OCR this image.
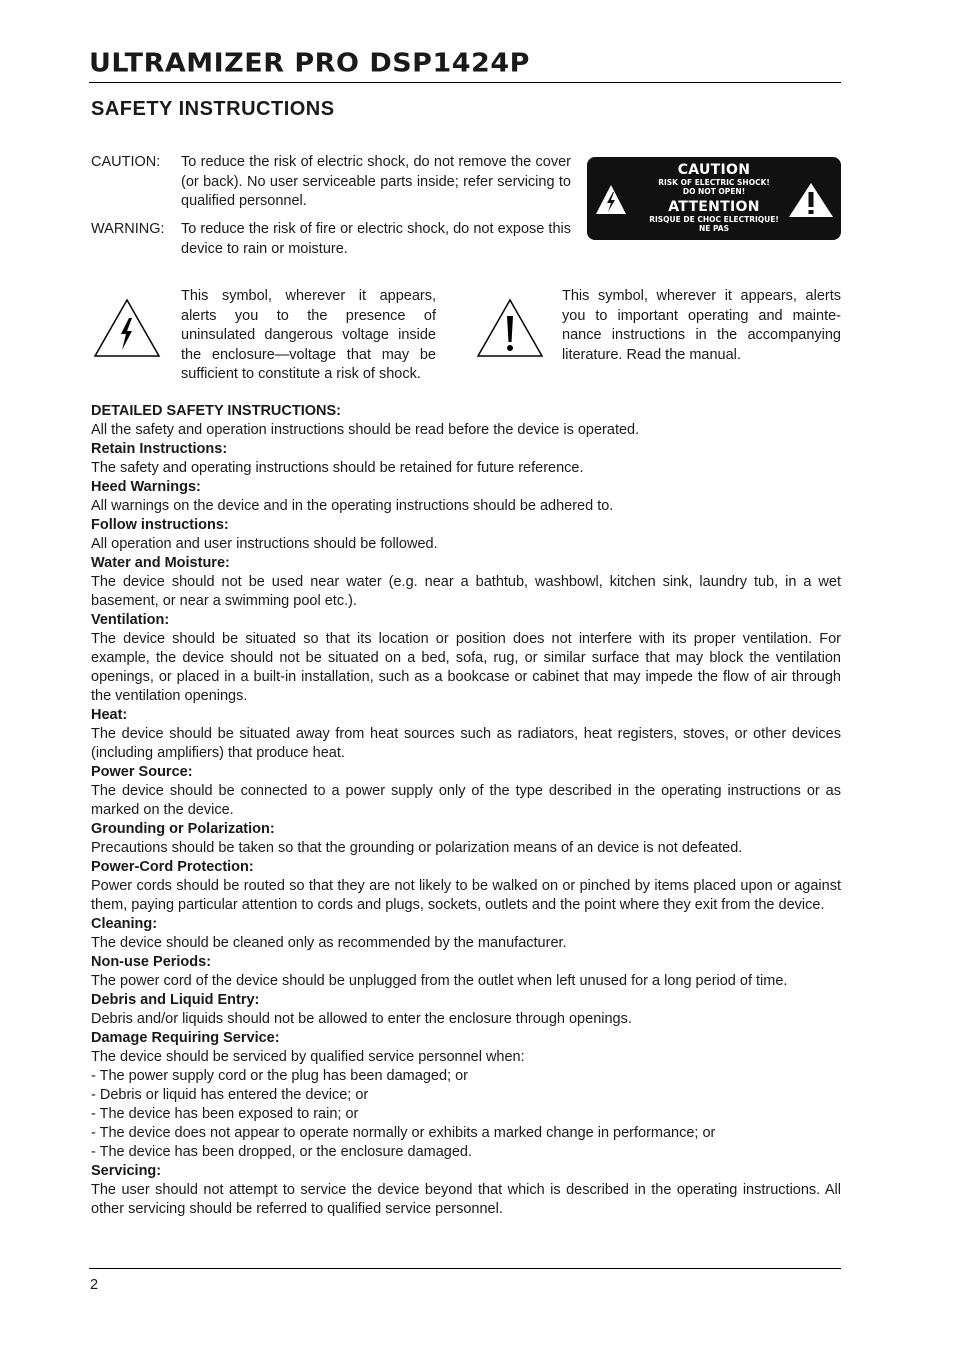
ULTRAMIZER PRO DSP1424P
SAFETY INSTRUCTIONS
CAUTION: To reduce the risk of electric shock, do not remove the cover (or back). No user serviceable parts inside; refer servicing to qualified personnel.
WARNING: To reduce the risk of fire or electric shock, do not expose this device to rain or moisture.
CAUTION
RISK OF ELECTRIC SHOCK!
DO NOT OPEN!
ATTENTION
RISQUE DE CHOC ELECTRIQUE!
NE PAS
This symbol, wherever it appears, alerts you to the presence of uninsulated dangerous voltage inside the enclosure—voltage that may be sufficient to constitute a risk of shock.
This symbol, wherever it appears, alerts you to important operating and mainte-nance instructions in the accompanying literature. Read the manual.
DETAILED SAFETY INSTRUCTIONS:
All the safety and operation instructions should be read before the device is operated.
Retain Instructions:
The safety and operating instructions should be retained for future reference.
Heed Warnings:
All warnings on the device and in the operating instructions should be adhered to.
Follow instructions:
All operation and user instructions should be followed.
Water and Moisture:
The device should not be used near water (e.g. near a bathtub, washbowl, kitchen sink, laundry tub, in a wet basement, or near a swimming pool etc.).
Ventilation:
The device should be situated so that its location or position does not interfere with its proper ventilation. For example, the device should not be situated on a bed, sofa, rug, or similar surface that may block the ventilation openings, or placed in a built-in installation, such as a bookcase or cabinet that may impede the flow of air through the ventilation openings.
Heat:
The device should be situated away from heat sources such as radiators, heat registers, stoves, or other devices (including amplifiers) that produce heat.
Power Source:
The device should be connected to a power supply only of the type described in the operating instructions or as marked on the device.
Grounding or Polarization:
Precautions should be taken so that the grounding or polarization means of an device is not defeated.
Power-Cord Protection:
Power cords should be routed so that they are not likely to be walked on or pinched by items placed upon or against them, paying particular attention to cords and plugs, sockets, outlets and the point where they exit from the device.
Cleaning:
The device should be cleaned only as recommended by the manufacturer.
Non-use Periods:
The power cord of the device should be unplugged from the outlet when left unused for a long period of time.
Debris and Liquid Entry:
Debris and/or liquids should not be allowed to enter the enclosure through openings.
Damage Requiring Service:
The device should be serviced by qualified service personnel when:
- The power supply cord or the plug has been damaged; or
- Debris or liquid has entered the device; or
- The device has been exposed to rain; or
- The device does not appear to operate normally or exhibits a marked change in performance; or
- The device has been dropped, or the enclosure damaged.
Servicing:
The user should not attempt to service the device beyond that which is described in the operating instructions. All other servicing should be referred to qualified service personnel.
2
